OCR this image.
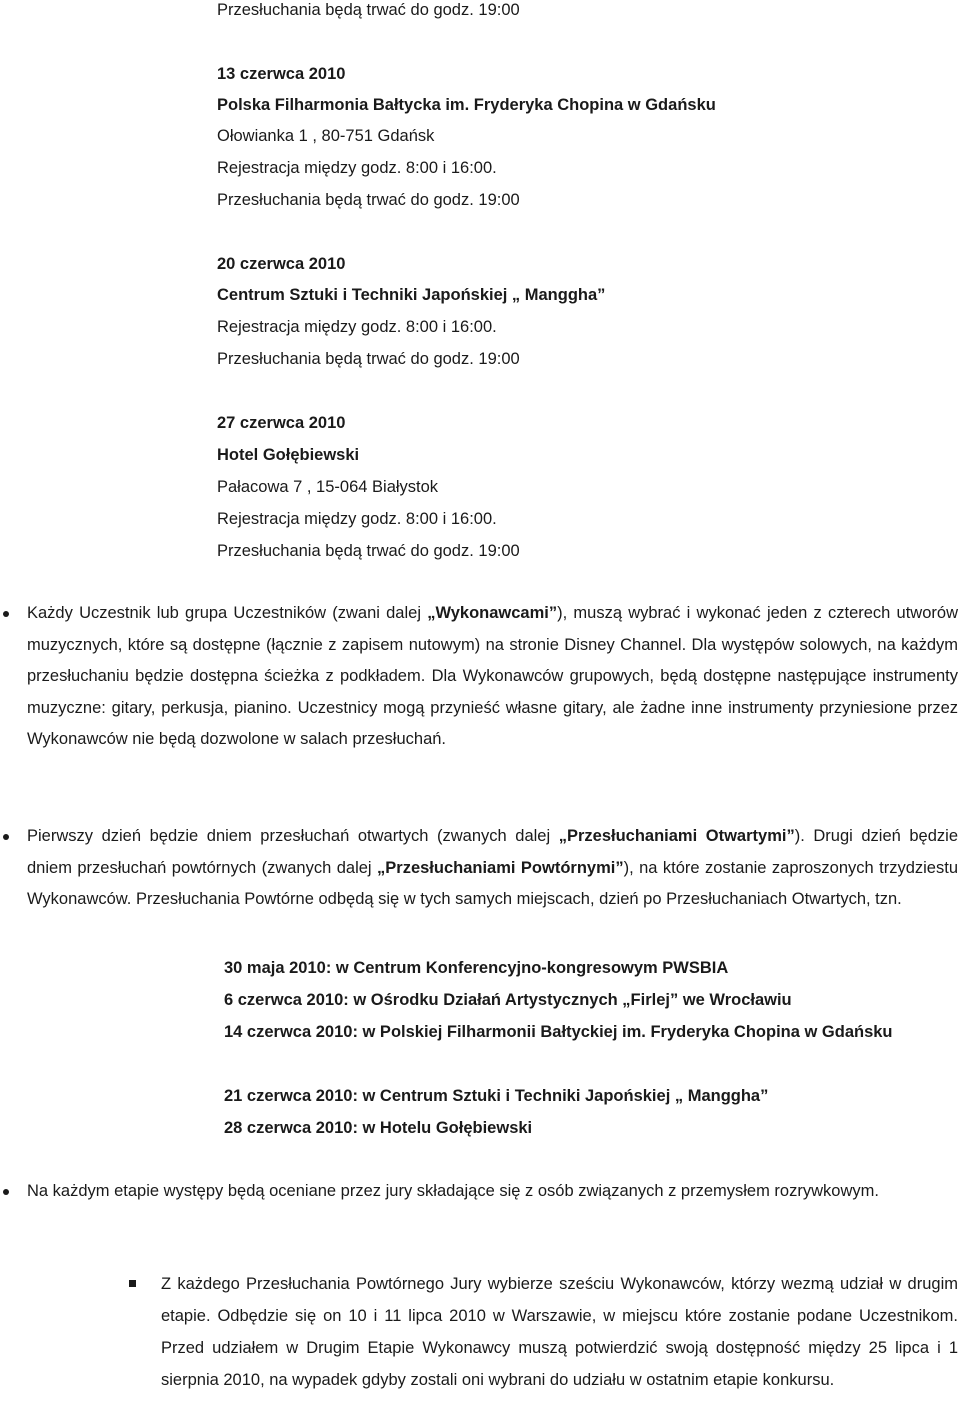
Przesłuchania będą trwać do godz. 19:00
13 czerwca 2010
Polska Filharmonia Bałtycka im. Fryderyka Chopina w Gdańsku
Ołowianka 1 , 80-751 Gdańsk
Rejestracja między godz. 8:00 i 16:00.
Przesłuchania będą trwać do godz. 19:00
20 czerwca 2010
Centrum Sztuki i Techniki Japońskiej „ Manggha”
Rejestracja między godz. 8:00 i 16:00.
Przesłuchania będą trwać do godz. 19:00
27 czerwca 2010
Hotel Gołębiewski
Pałacowa 7 , 15-064 Białystok
Rejestracja między godz. 8:00 i 16:00.
Przesłuchania będą trwać do godz. 19:00

Każdy Uczestnik lub grupa Uczestników (zwani dalej „Wykonawcami”), muszą wybrać i wykonać jeden z czterech utworów muzycznych, które są dostępne (łącznie z zapisem nutowym) na stronie Disney Channel. Dla występów solowych, na każdym przesłuchaniu będzie dostępna ścieżka z podkładem. Dla Wykonawców grupowych, będą dostępne następujące instrumenty muzyczne: gitary, perkusja, pianino. Uczestnicy mogą przynieść własne gitary, ale żadne inne instrumenty przyniesione przez Wykonawców nie będą dozwolone w salach przesłuchań.

Pierwszy dzień będzie dniem przesłuchań otwartych (zwanych dalej „Przesłuchaniami Otwartymi”). Drugi dzień będzie dniem przesłuchań powtórnych (zwanych dalej „Przesłuchaniami Powtórnymi”), na które zostanie zaproszonych trzydziestu Wykonawców. Przesłuchania Powtórne odbędą się w tych samych miejscach, dzień po Przesłuchaniach Otwartych, tzn.

30 maja 2010: w Centrum Konferencyjno-kongresowym PWSBIA

6 czerwca 2010: w Ośrodku Działań Artystycznych „Firlej” we Wrocławiu

14 czerwca 2010: w Polskiej Filharmonii Bałtyckiej im. Fryderyka Chopina w Gdańsku

21 czerwca 2010: w Centrum Sztuki i Techniki Japońskiej „ Manggha”

28 czerwca 2010: w Hotelu Gołębiewski

Na każdym etapie występy będą oceniane przez jury składające się z osób związanych z przemysłem rozrywkowym.

Z każdego Przesłuchania Powtórnego Jury wybierze sześciu Wykonawców, którzy wezmą udział w drugim etapie. Odbędzie się on 10 i 11 lipca 2010 w Warszawie, w miejscu które zostanie podane Uczestnikom. Przed udziałem w Drugim Etapie Wykonawcy muszą potwierdzić swoją dostępność między 25 lipca i 1 sierpnia 2010, na wypadek gdyby zostali oni wybrani do udziału w ostatnim etapie konkursu.
